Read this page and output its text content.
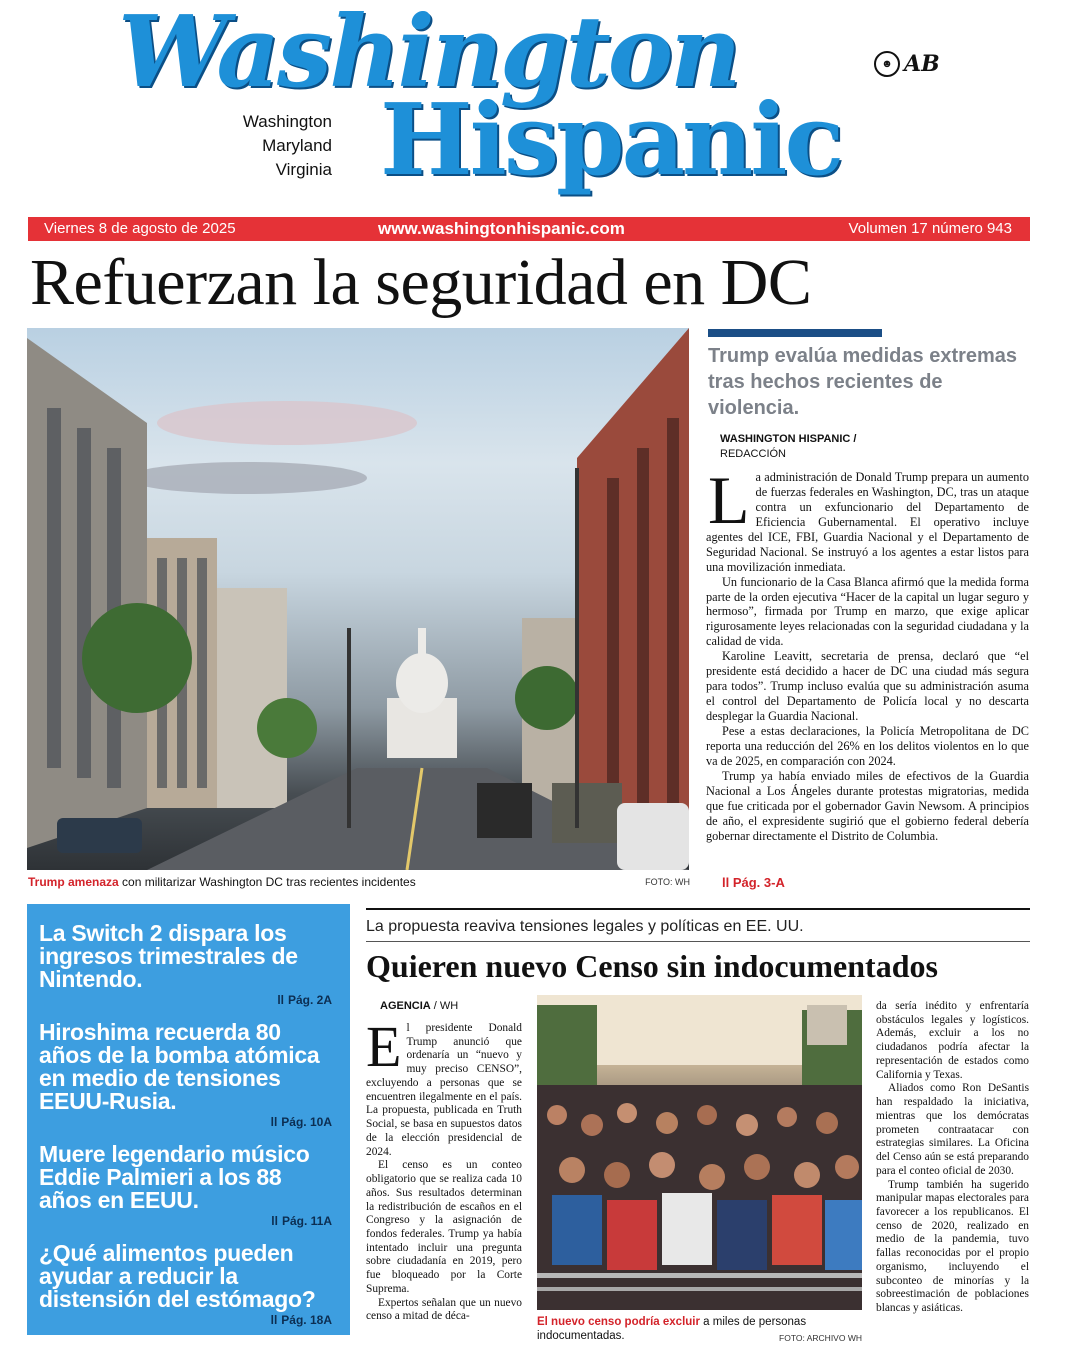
Washington
Hispanic
Washington
Maryland
Virginia
☻ AB
Viernes 8 de agosto de 2025	www.washingtonhispanic.com	Volumen 17 número 943
Refuerzan la seguridad en DC
Trump amenaza con militarizar Washington DC tras recientes incidentes	FOTO: WH
Trump evalúa medidas extremas tras hechos recientes de violencia.
WASHINGTON HISPANIC /
REDACCIÓN

La administración de Donald Trump prepara un aumento de fuerzas federales en Washington, DC, tras un ataque contra un exfuncionario del Departamento de Eficiencia Gubernamental. El operativo incluye agentes del ICE, FBI, Guardia Nacional y el Departamento de Seguridad Nacional. Se instruyó a los agentes a estar listos para una movilización inmediata.

Un funcionario de la Casa Blanca afirmó que la medida forma parte de la orden ejecutiva “Hacer de la capital un lugar seguro y hermoso”, firmada por Trump en marzo, que exige aplicar rigurosamente leyes relacionadas con la seguridad ciudadana y la calidad de vida.

Karoline Leavitt, secretaria de prensa, declaró que “el presidente está decidido a hacer de DC una ciudad más segura para todos”. Trump incluso evalúa que su administración asuma el control del Departamento de Policía local y no descarta desplegar la Guardia Nacional.

Pese a estas declaraciones, la Policía Metropolitana de DC reporta una reducción del 26% en los delitos violentos en lo que va de 2025, en comparación con 2024.

Trump ya había enviado miles de efectivos de la Guardia Nacional a Los Ángeles durante protestas migratorias, medida que fue criticada por el gobernador Gavin Newsom. A principios de año, el expresidente sugirió que el gobierno federal debería gobernar directamente el Distrito de Columbia.

ll Pág. 3-A
La Switch 2 dispara los ingresos trimestrales de Nintendo.
ll Pág. 2A
Hiroshima recuerda 80 años de la bomba atómica en medio de tensiones EEUU-Rusia.
ll Pág. 10A
Muere legendario músico Eddie Palmieri a los 88 años en EEUU.
ll Pág. 11A
¿Qué alimentos pueden ayudar a reducir la distensión del estómago?
ll Pág. 18A
La propuesta reaviva tensiones legales y políticas en EE. UU.
Quieren nuevo Censo sin indocumentados
AGENCIA / WH

El presidente Donald Trump anunció que ordenaría un “nuevo y muy preciso CENSO”, excluyendo a personas que se encuentren ilegalmente en el país. La propuesta, publicada en Truth Social, se basa en supuestos datos de la elección presidencial de 2024.

El censo es un conteo obligatorio que se realiza cada 10 años. Sus resultados determinan la redistribución de escaños en el Congreso y la asignación de fondos federales. Trump ya había intentado incluir una pregunta sobre ciudadanía en 2019, pero fue bloqueado por la Corte Suprema.

Expertos señalan que un nuevo censo a mitad de déca-	El nuevo censo podría excluir a miles de personas indocumentadas.	FOTO: ARCHIVO WH

da sería inédito y enfrentaría obstáculos legales y logísticos. Además, excluir a los no ciudadanos podría afectar la representación de estados como California y Texas.

Aliados como Ron DeSantis han respaldado la iniciativa, mientras que los demócratas prometen contraatacar con estrategias similares. La Oficina del Censo aún se está preparando para el conteo oficial de 2030.

Trump también ha sugerido manipular mapas electorales para favorecer a los republicanos. El censo de 2020, realizado en medio de la pandemia, tuvo fallas reconocidas por el propio organismo, incluyendo el subconteo de minorías y la sobreestimación de poblaciones blancas y asiáticas.
